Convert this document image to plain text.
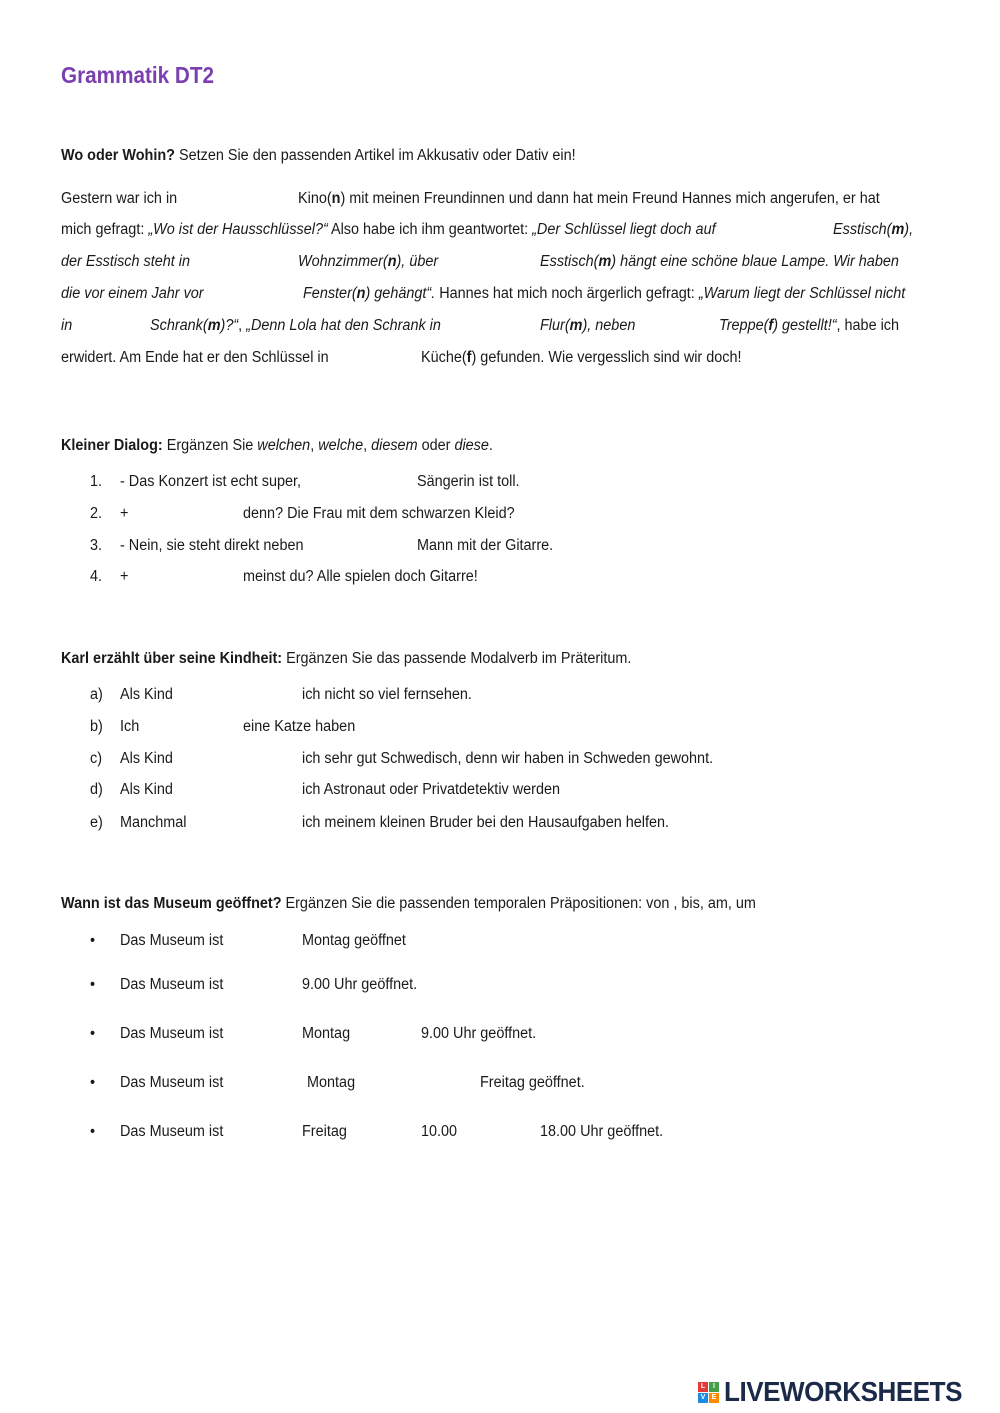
Grammatik DT2
Wo oder Wohin? Setzen Sie den passenden Artikel im Akkusativ oder Dativ ein!
Gestern war ich in	Kino(n) mit meinen Freundinnen und dann hat mein Freund Hannes mich angerufen, er hat
mich gefragt: „Wo ist der Hausschlüssel?“ Also habe ich ihm geantwortet: „Der Schlüssel liegt doch auf	Esstisch(m),
der Esstisch steht in	Wohnzimmer(n), über	Esstisch(m) hängt eine schöne blaue Lampe. Wir haben
die vor einem Jahr vor	Fenster(n) gehängt“. Hannes hat mich noch ärgerlich gefragt: „Warum liegt der Schlüssel nicht
in	Schrank(m)?“, „Denn Lola hat den Schrank in	Flur(m), neben	Treppe(f) gestellt!“, habe ich
erwidert. Am Ende hat er den Schlüssel in	Küche(f) gefunden. Wie vergesslich sind wir doch!
Kleiner Dialog: Ergänzen Sie welchen, welche, diesem oder diese.
1. - Das Konzert ist echt super,	Sängerin ist toll.
2. +	denn? Die Frau mit dem schwarzen Kleid?
3. - Nein, sie steht direkt neben	Mann mit der Gitarre.
4. +	meinst du? Alle spielen doch Gitarre!
Karl erzählt über seine Kindheit: Ergänzen Sie das passende Modalverb im Präteritum.
a) Als Kind	ich nicht so viel fernsehen.
b) Ich	eine Katze haben
c) Als Kind	ich sehr gut Schwedisch, denn wir haben in Schweden gewohnt.
d) Als Kind	ich Astronaut oder Privatdetektiv werden
e) Manchmal	ich meinem kleinen Bruder bei den Hausaufgaben helfen.
Wann ist das Museum geöffnet? Ergänzen Sie die passenden temporalen Präpositionen: von , bis, am, um
• Das Museum ist	Montag geöffnet
• Das Museum ist	9.00 Uhr geöffnet.
• Das Museum ist	Montag	9.00 Uhr geöffnet.
• Das Museum ist	Montag	Freitag geöffnet.
• Das Museum ist	Freitag	10.00	18.00 Uhr geöffnet.
L	I
V E LIVEWORKSHEETS
